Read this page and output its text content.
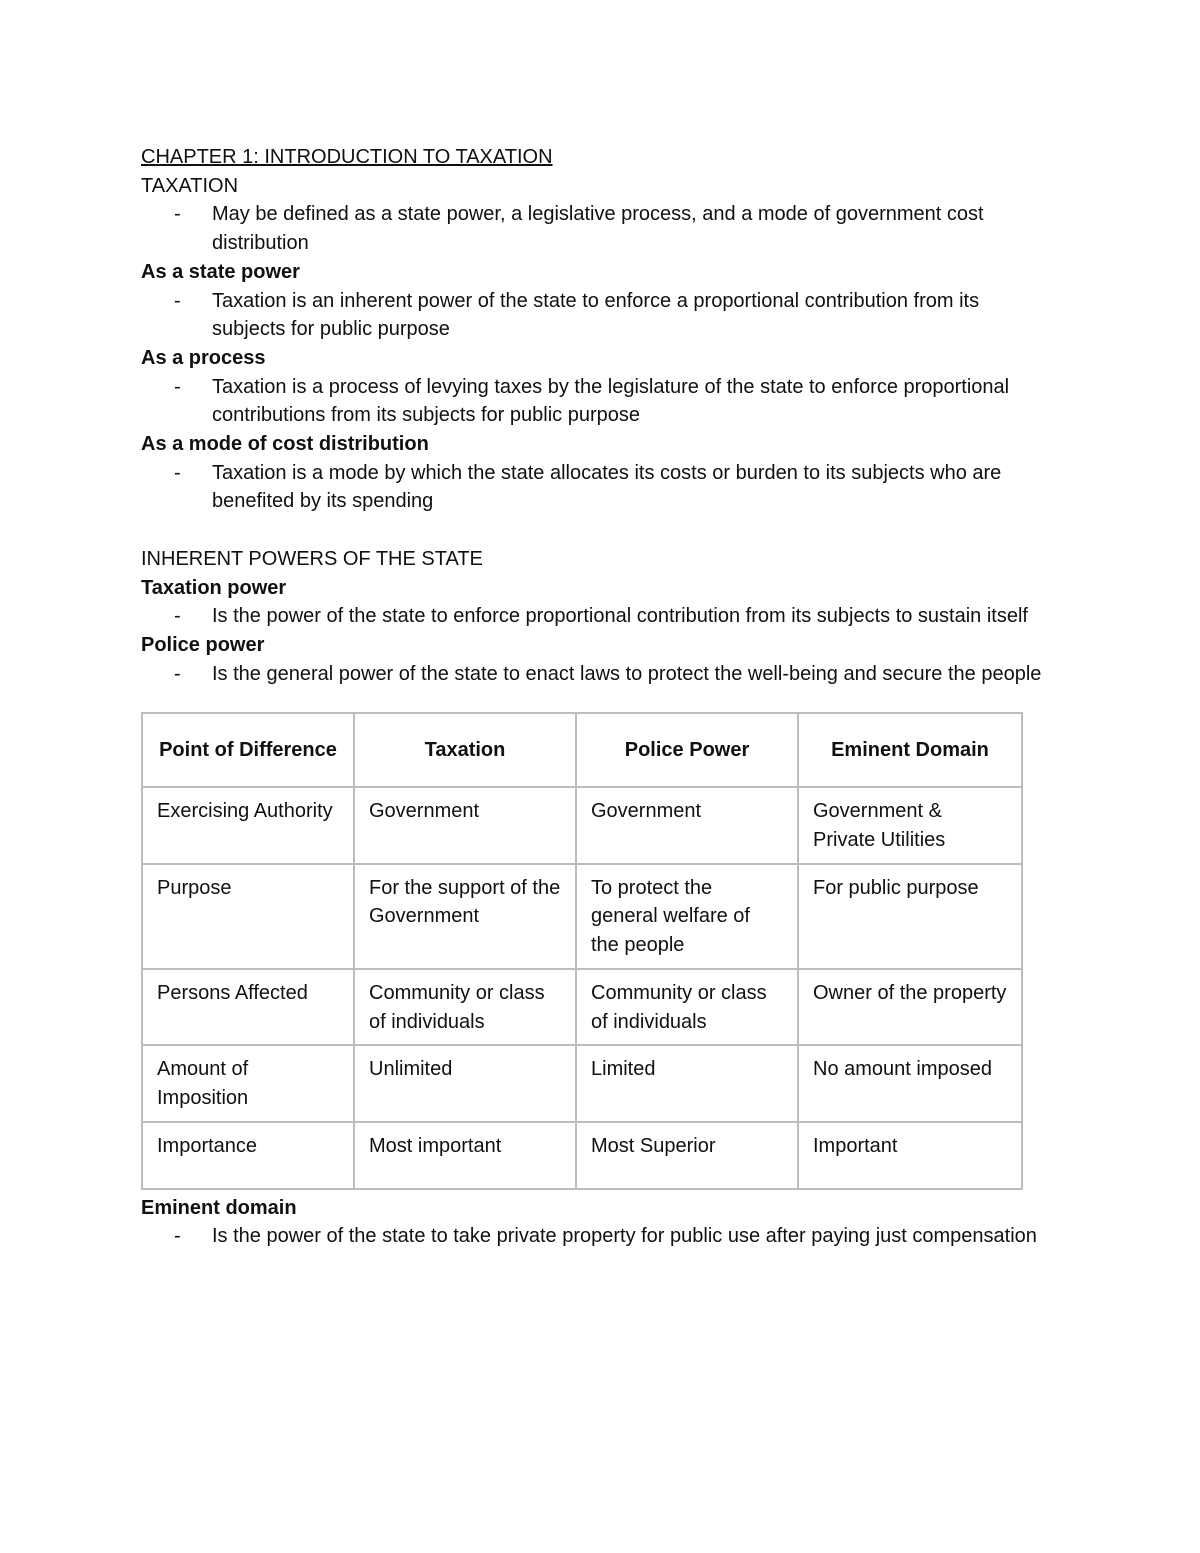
CHAPTER 1: INTRODUCTION TO TAXATION
TAXATION
- May be defined as a state power, a legislative process, and a mode of government cost distribution
As a state power
- Taxation is an inherent power of the state to enforce a proportional contribution from its subjects for public purpose
As a process
- Taxation is a process of levying taxes by the legislature of the state to enforce proportional contributions from its subjects for public purpose
As a mode of cost distribution
- Taxation is a mode by which the state allocates its costs or burden to its subjects who are benefited by its spending
INHERENT POWERS OF THE STATE
Taxation power
- Is the power of the state to enforce proportional contribution from its subjects to sustain itself
Police power
- Is the general power of the state to enact laws to protect the well-being and secure the people
Point of Difference	Taxation	Police Power	Eminent Domain
Exercising Authority	Government	Government	Government & Private Utilities
Purpose	For the support of the Government	To protect the general welfare of the people	For public purpose
Persons Affected	Community or class of individuals	Community or class of individuals	Owner of the property
Amount of Imposition	Unlimited	Limited	No amount imposed
Importance	Most important	Most Superior	Important
Eminent domain
- Is the power of the state to take private property for public use after paying just compensation
